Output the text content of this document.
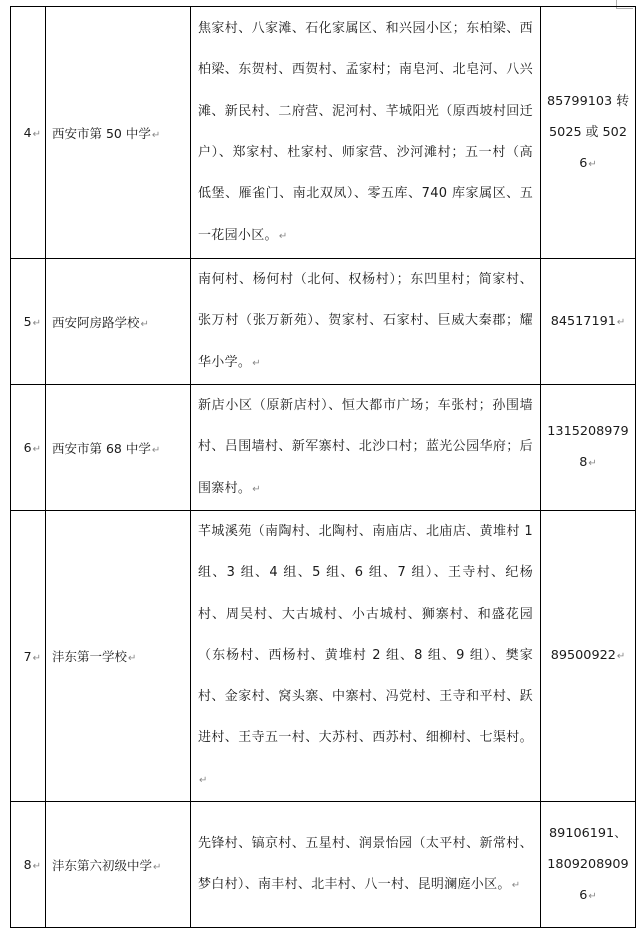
4↵	西安市第 50 中学↵	焦家村、八家滩、石化家属区、和兴园小区；东柏梁、西柏梁、东贺村、西贺村、孟家村；南皂河、北皂河、八兴滩、新民村、二府营、泥河村、芊城阳光（原西坡村回迁户）、郑家村、杜家村、师家营、沙河滩村；五一村（高低堡、雁雀门、南北双凤）、零五库、740 库家属区、五一花园小区。↵	85799103 转5025 或 5026↵
5↵	西安阿房路学校↵	南何村、杨何村（北何、权杨村）；东凹里村；简家村、张万村（张万新苑）、贺家村、石家村、巨威大秦郡；耀华小学。↵	84517191↵
6↵	西安市第 68 中学↵	新店小区（原新店村）、恒大都市广场；车张村；孙围墙村、吕围墙村、新军寨村、北沙口村；蓝光公园华府；后围寨村。↵	13152089798↵
7↵	沣东第一学校↵	芊城溪苑（南陶村、北陶村、南庙店、北庙店、黄堆村 1 组、3 组、4 组、5 组、6 组、7 组）、王寺村、纪杨村、周吴村、大古城村、小古城村、狮寨村、和盛花园（东杨村、西杨村、黄堆村 2 组、8 组、9 组）、樊家村、金家村、窝头寨、中寨村、冯党村、王寺和平村、跃进村、王寺五一村、大苏村、西苏村、细柳村、七渠村。↵	89500922↵
8↵	沣东第六初级中学↵	先锋村、镐京村、五星村、润景怡园（太平村、新常村、梦白村）、南丰村、北丰村、八一村、昆明澜庭小区。↵	89106191、18092089096↵
